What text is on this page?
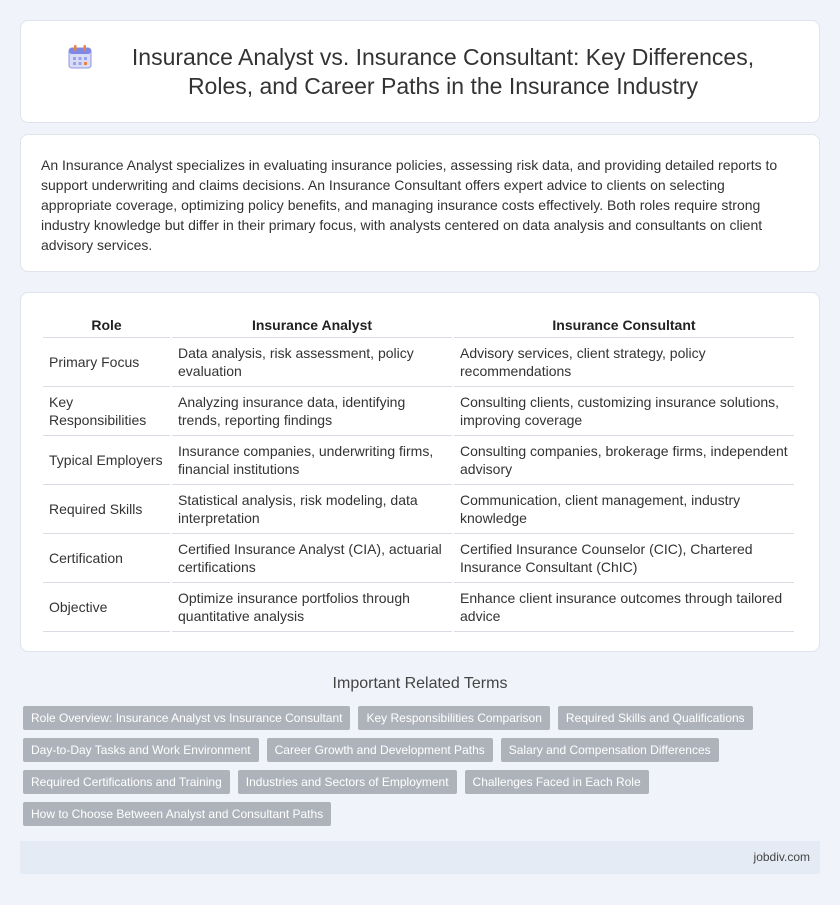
Insurance Analyst vs. Insurance Consultant: Key Differences, Roles, and Career Paths in the Insurance Industry

An Insurance Analyst specializes in evaluating insurance policies, assessing risk data, and providing detailed reports to support underwriting and claims decisions. An Insurance Consultant offers expert advice to clients on selecting appropriate coverage, optimizing policy benefits, and managing insurance costs effectively. Both roles require strong industry knowledge but differ in their primary focus, with analysts centered on data analysis and consultants on client advisory services.

Role	Insurance Analyst	Insurance Consultant
Primary Focus	Data analysis, risk assessment, policy evaluation	Advisory services, client strategy, policy recommendations
Key Responsibilities	Analyzing insurance data, identifying trends, reporting findings	Consulting clients, customizing insurance solutions, improving coverage
Typical Employers	Insurance companies, underwriting firms, financial institutions	Consulting companies, brokerage firms, independent advisory
Required Skills	Statistical analysis, risk modeling, data interpretation	Communication, client management, industry knowledge
Certification	Certified Insurance Analyst (CIA), actuarial certifications	Certified Insurance Counselor (CIC), Chartered Insurance Consultant (ChIC)
Objective	Optimize insurance portfolios through quantitative analysis	Enhance client insurance outcomes through tailored advice
Important Related Terms
Role Overview: Insurance Analyst vs Insurance Consultant	Key Responsibilities Comparison	Required Skills and Qualifications
Day-to-Day Tasks and Work Environment	Career Growth and Development Paths	Salary and Compensation Differences
Required Certifications and Training	Industries and Sectors of Employment	Challenges Faced in Each Role
How to Choose Between Analyst and Consultant Paths
jobdiv.com
